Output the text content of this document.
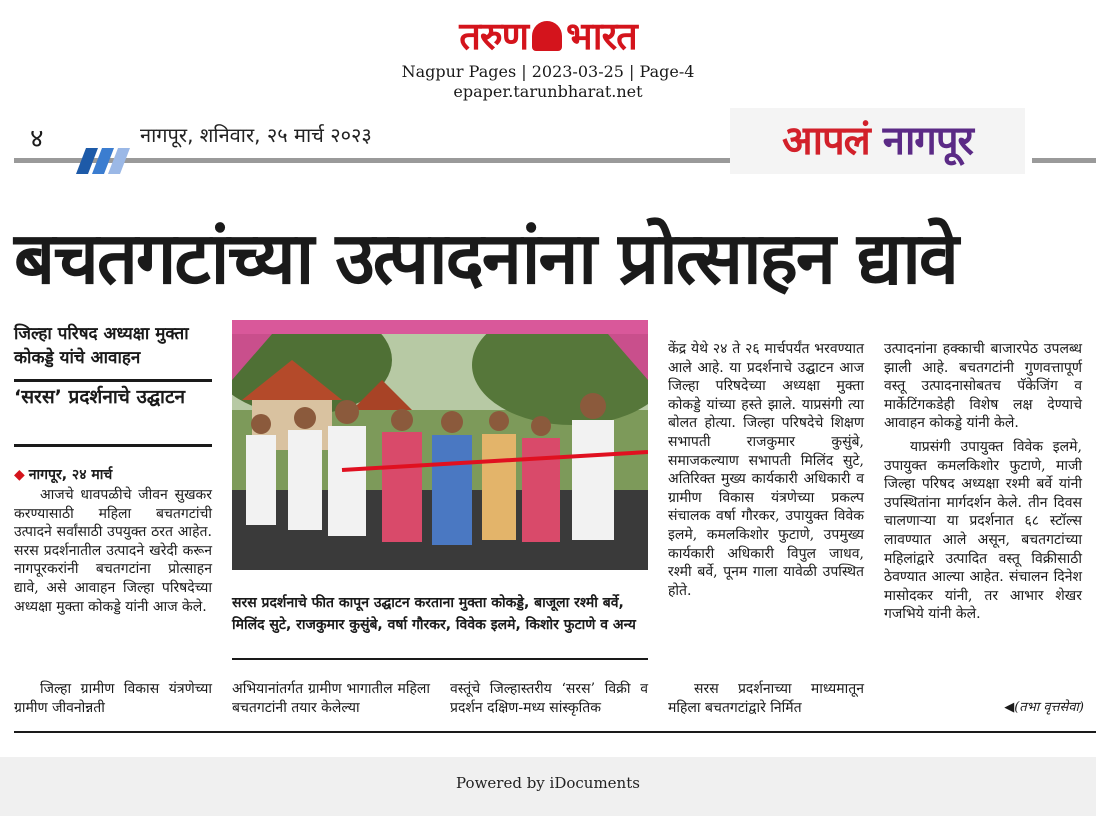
तरुण भारत
Nagpur Pages | 2023-03-25 | Page-4
epaper.tarunbharat.net
४	नागपूर, शनिवार, २५ मार्च २०२३	आपलं नागपूर
बचतगटांच्या उत्पादनांना प्रोत्साहन द्यावे
जिल्हा परिषद अध्यक्षा मुक्ता कोकड्डे यांचे आवाहन
‘सरस’ प्रदर्शनाचे उद्घाटन
◆ नागपूर, २४ मार्च
आजचे धावपळीचे जीवन सुखकर करण्यासाठी महिला बचतगटांची उत्पादने सर्वांसाठी उपयुक्त ठरत आहेत. सरस प्रदर्शनातील उत्पादने खरेदी करून नागपूरकरांनी बचतगटांना प्रोत्साहन द्यावे, असे आवाहन जिल्हा परिषदेच्या अध्यक्षा मुक्ता कोकड्डे यांनी आज केले.
जिल्हा ग्रामीण विकास यंत्रणेच्या ग्रामीण जीवनोन्नती
सरस प्रदर्शनाचे फीत कापून उद्घाटन करताना मुक्ता कोकड्डे, बाजूला रश्मी बर्वे, मिलिंद सुटे, राजकुमार कुसुंबे, वर्षा गौरकर, विवेक इलमे, किशोर फुटाणे व अन्य
अभियानांतर्गत ग्रामीण भागातील महिला बचतगटांनी तयार केलेल्या
वस्तूंचे जिल्हास्तरीय ‘सरस’ विक्री व प्रदर्शन दक्षिण-मध्य सांस्कृतिक
केंद्र येथे २४ ते २६ मार्चपर्यंत भरवण्यात आले आहे. या प्रदर्शनाचे उद्घाटन आज जिल्हा परिषदेच्या अध्यक्षा मुक्ता कोकड्डे यांच्या हस्ते झाले. याप्रसंगी त्या बोलत होत्या. जिल्हा परिषदेचे शिक्षण सभापती राजकुमार कुसुंबे, समाजकल्याण सभापती मिलिंद सुटे, अतिरिक्त मुख्य कार्यकारी अधिकारी व ग्रामीण विकास यंत्रणेच्या प्रकल्प संचालक वर्षा गौरकर, उपायुक्त विवेक इलमे, कमलकिशोर फुटाणे, उपमुख्य कार्यकारी अधिकारी विपुल जाधव, रश्मी बर्वे, पूनम गाला यावेळी उपस्थित होते.
सरस प्रदर्शनाच्या माध्यमातून महिला बचतगटांद्वारे निर्मित
उत्पादनांना हक्काची बाजारपेठ उपलब्ध झाली आहे. बचतगटांनी गुणवत्तापूर्ण वस्तू उत्पादनासोबतच पॅकेजिंग व मार्केटिंगकडेही विशेष लक्ष देण्याचे आवाहन कोकड्डे यांनी केले.
याप्रसंगी उपायुक्त विवेक इलमे, उपायुक्त कमलकिशोर फुटाणे, माजी जिल्हा परिषद अध्यक्षा रश्मी बर्वे यांनी उपस्थितांना मार्गदर्शन केले. तीन दिवस चालणाऱ्या या प्रदर्शनात ६८ स्टॉल्स लावण्यात आले असून, बचतगटांच्या महिलांद्वारे उत्पादित वस्तू विक्रीसाठी ठेवण्यात आल्या आहेत. संचालन दिनेश मासोदकर यांनी, तर आभार शेखर गजभिये यांनी केले.
◀(तभा वृत्तसेवा)
Powered by iDocuments
